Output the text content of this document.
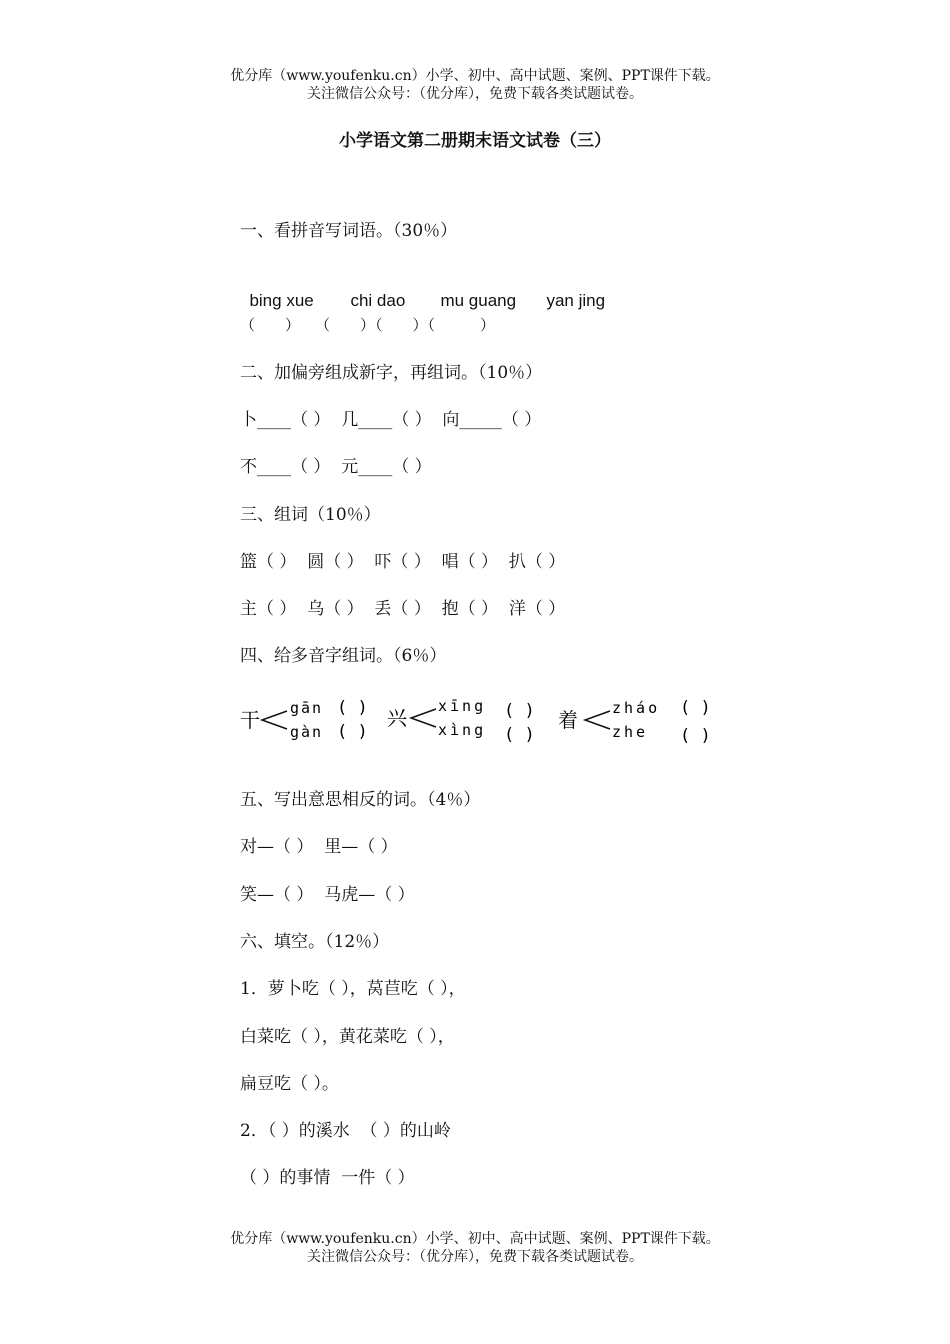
优分库（www.youfenku.cn）小学、初中、高中试题、案例、PPT课件下载。
关注微信公众号：（优分库），免费下载各类试题试卷。
小学语文第二册期末语文试卷（三）
一、看拼音写词语。（30％）

bing xue chi dao mu guang yan jing

（　　）　　（　　）（　　）（　　　）
二、加偏旁组成新字，再组词。（10％）
卜____（ ）  几____（ ）  向_____（ ）
不____（ ）  元____（ ）
三、组词（10％）
篮（ ）  圆（ ）  吓（ ）  唱（ ）  扒（ ）
主（ ）  乌（ ）  丢（ ）  抱（ ）  洋（ ）
四、给多音字组词。（6％）
干 gān
gàn
( )
( )
兴 xīng
xìng
( )
( )
着 zháo
zhe
( )
( )
五、写出意思相反的词。（4％）
对—（ ）  里—（ ）
笑—（ ）  马虎—（ ）
六、填空。（12％）
1．萝卜吃（ ），莴苣吃（ ），
白菜吃（ ），黄花菜吃（ ），
扁豆吃（ ）。
2．（ ）的溪水  （ ）的山岭
（ ）的事情  一件（ ）
优分库（www.youfenku.cn）小学、初中、高中试题、案例、PPT课件下载。
关注微信公众号：（优分库），免费下载各类试题试卷。
